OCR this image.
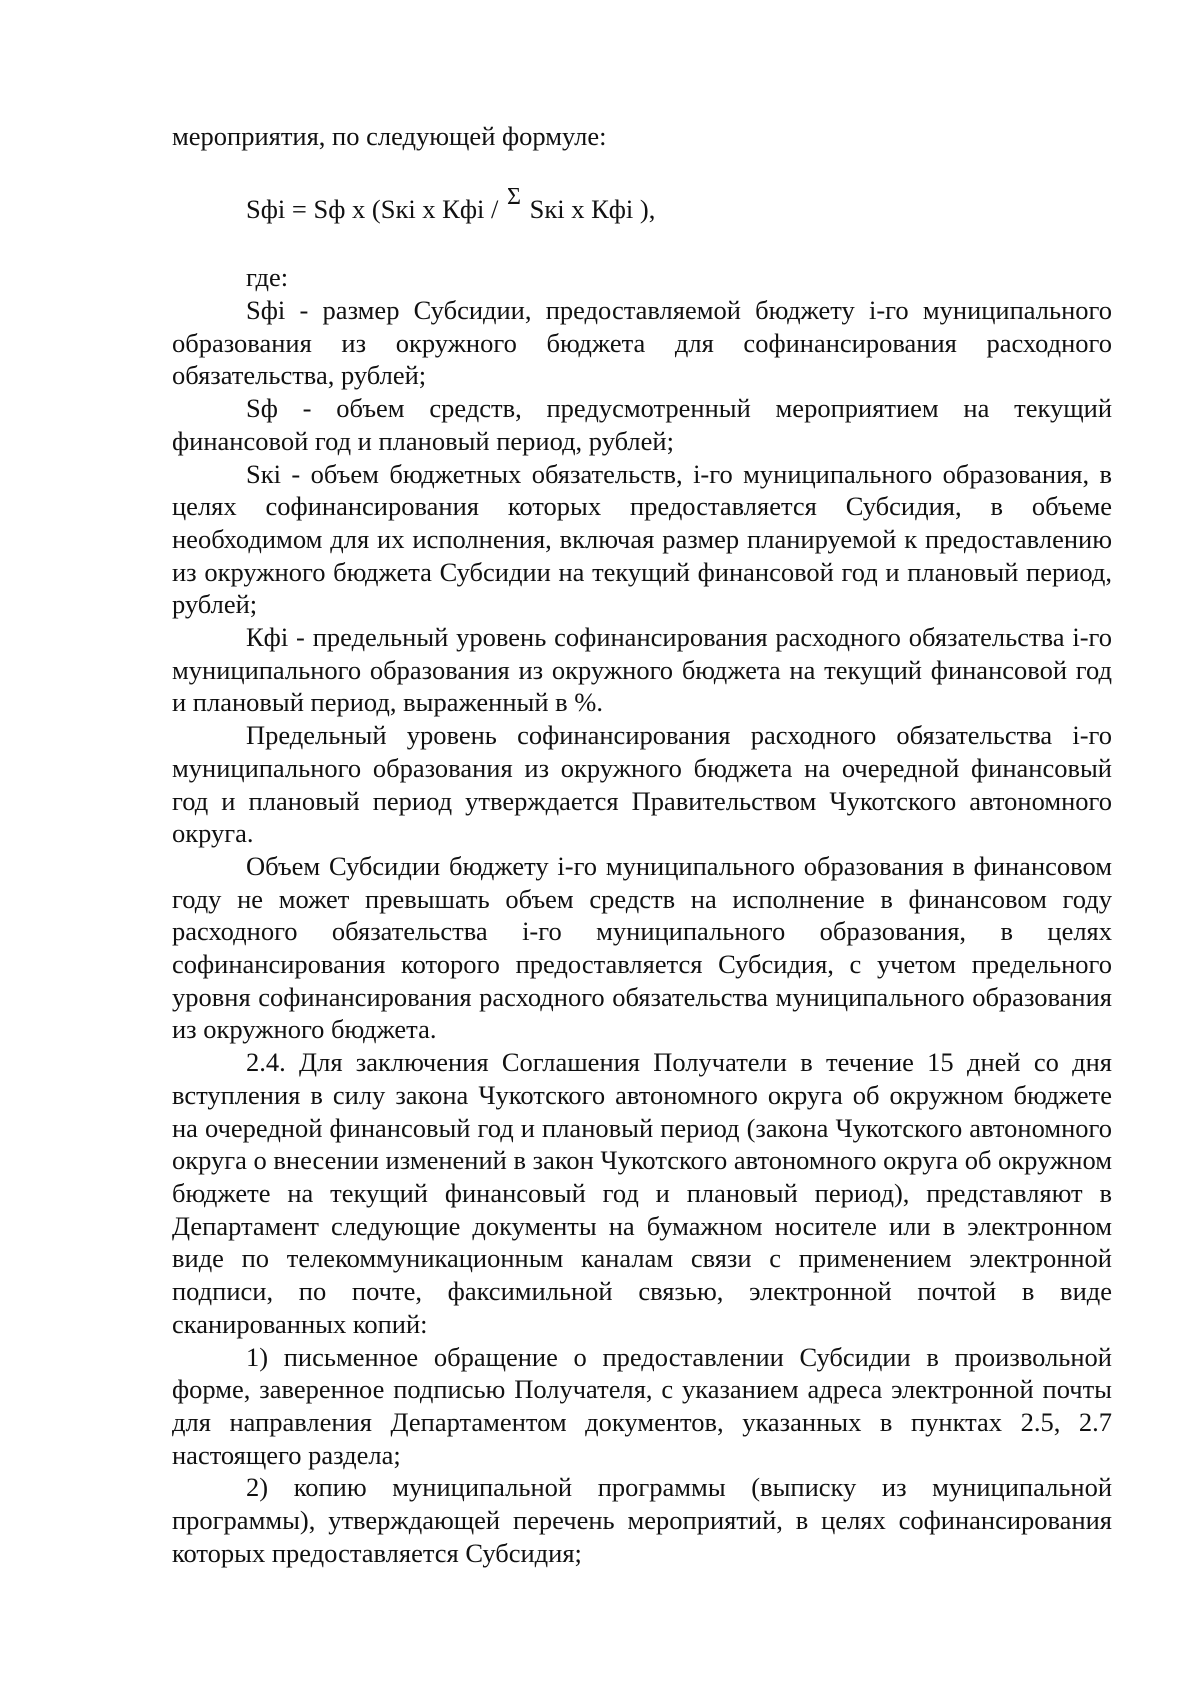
мероприятия, по следующей формуле:
Sфi = Sф х (Sкi х Кфi / Σ Sкi х Кфi ),
где:

Sфi - размер Субсидии, предоставляемой бюджету i-го муниципального образования из окружного бюджета для софинансирования расходного обязательства, рублей;

Sф - объем средств, предусмотренный мероприятием на текущий финансовой год и плановый период, рублей;

Sкi - объем бюджетных обязательств, i-го муниципального образования, в целях софинансирования которых предоставляется Субсидия, в объеме необходимом для их исполнения, включая размер планируемой к предоставлению из окружного бюджета Субсидии на текущий финансовой год и плановый период, рублей;

Кфi - предельный уровень софинансирования расходного обязательства i-го муниципального образования из окружного бюджета на текущий финансовой год и плановый период, выраженный в %.

Предельный уровень софинансирования расходного обязательства i-го муниципального образования из окружного бюджета на очередной финансовый год и плановый период утверждается Правительством Чукотского автономного округа.

Объем Субсидии бюджету i-го муниципального образования в финансовом году не может превышать объем средств на исполнение в финансовом году расходного обязательства i-го муниципального образования, в целях софинансирования которого предоставляется Субсидия, с учетом предельного уровня софинансирования расходного обязательства муниципального образования из окружного бюджета.

2.4. Для заключения Соглашения Получатели в течение 15 дней со дня вступления в силу закона Чукотского автономного округа об окружном бюджете на очередной финансовый год и плановый период (закона Чукотского автономного округа о внесении изменений в закон Чукотского автономного округа об окружном бюджете на текущий финансовый год и плановый период), представляют в Департамент следующие документы на бумажном носителе или в электронном виде по телекоммуникационным каналам связи с применением электронной подписи, по почте, факсимильной связью, электронной почтой в виде сканированных копий:

1) письменное обращение о предоставлении Субсидии в произвольной форме, заверенное подписью Получателя, с указанием адреса электронной почты для направления Департаментом документов, указанных в пунктах 2.5, 2.7 настоящего раздела;

2) копию муниципальной программы (выписку из муниципальной программы), утверждающей перечень мероприятий, в целях софинансирования которых предоставляется Субсидия;
